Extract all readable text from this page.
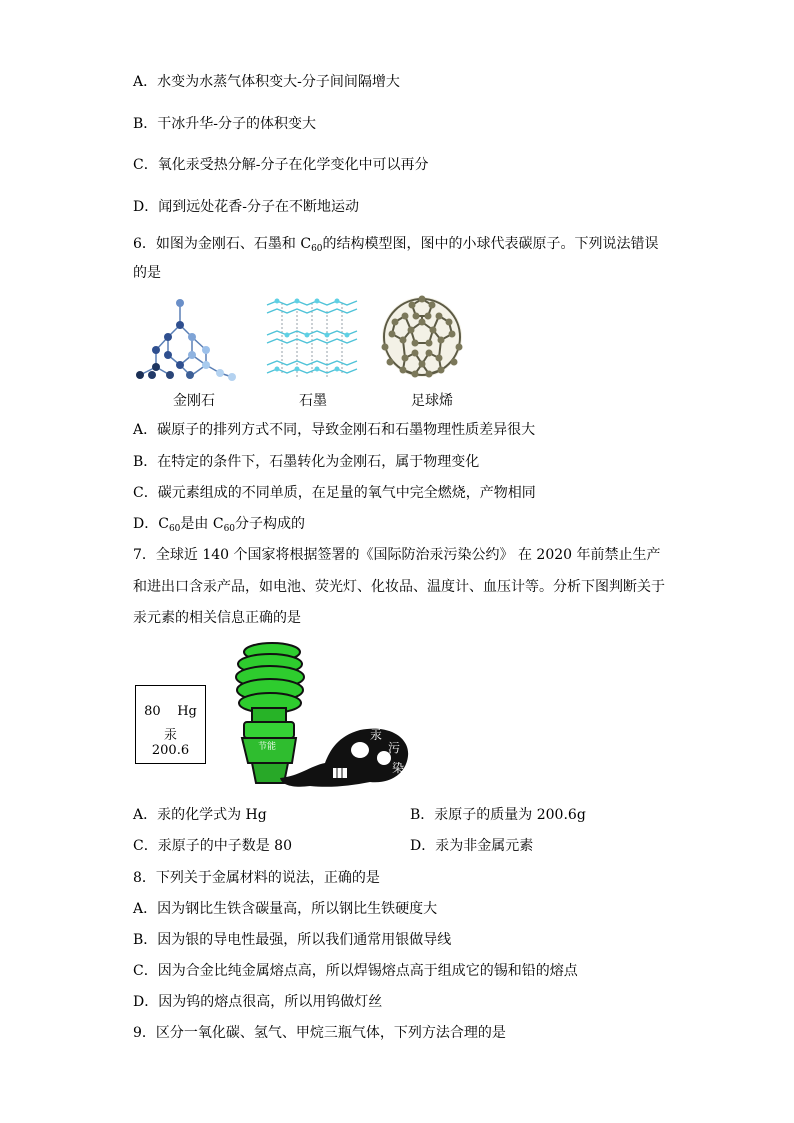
A．水变为水蒸气体积变大-分子间间隔增大
B．干冰升华-分子的体积变大
C．氧化汞受热分解-分子在化学变化中可以再分
D．闻到远处花香-分子在不断地运动
6．如图为金刚石、石墨和 $C_{60}$的结构模型图，图中的小球代表碳原子。下列说法错误
的是
金刚石	石墨	足球烯
A．碳原子的排列方式不同，导致金刚石和石墨物理性质差异很大
B．在特定的条件下，石墨转化为金刚石，属于物理变化
C．碳元素组成的不同单质，在足量的氧气中完全燃烧，产物相同
D．$C_{60}$是由 $C_{60}$分子构成的
7．全球近 140 个国家将根据签署的《国际防治汞污染公约》 在 2020 年前禁止生产
和进出口含汞产品，如电池、荧光灯、化妆品、温度计、血压计等。分析下图判断关于
汞元素的相关信息正确的是
80    Hg
汞
200.6	节能
汞
污
染
A．汞的化学式为 Hg	B．汞原子的质量为 200.6g
C．汞原子的中子数是 80	D．汞为非金属元素
8．下列关于金属材料的说法，正确的是
A．因为钢比生铁含碳量高，所以钢比生铁硬度大
B．因为银的导电性最强，所以我们通常用银做导线
C．因为合金比纯金属熔点高，所以焊锡熔点高于组成它的锡和铅的熔点
D．因为钨的熔点很高，所以用钨做灯丝
9．区分一氧化碳、氢气、甲烷三瓶气体，下列方法合理的是
